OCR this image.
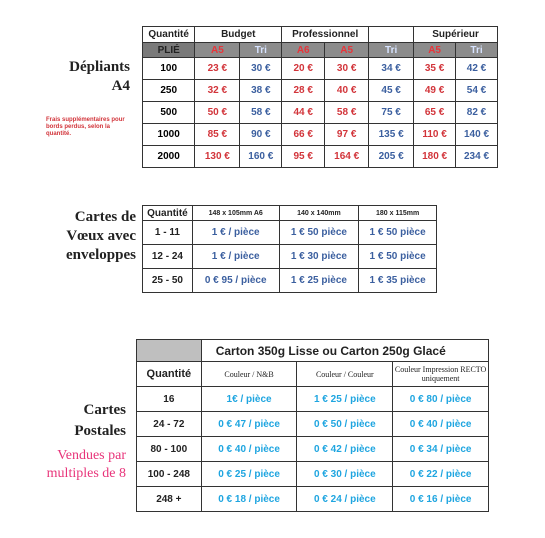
Dépliants
A4
Frais supplémentaires pour bords perdus, selon la quantité.
Quantité	Budget		Professionnel			Supérieur	
PLIÉ	A5	Tri	A6	A5	Tri	A5	Tri
100	23 €	30 €	20 €	30 €	34 €	35 €	42 €
250	32 €	38 €	28 €	40 €	45 €	49 €	54 €
500	50 €	58 €	44 €	58 €	75 €	65 €	82 €
1000	85 €	90 €	66 €	97 €	135 €	110 €	140 €
2000	130 €	160 €	95 €	164 €	205 €	180 €	234 €
Cartes de
Vœux avec
enveloppes
Quantité	148 x 105mm A6	140 x 140mm	180 x 115mm
1 - 11	1 € / pièce	1 € 50 pièce	1 € 50 pièce
12 - 24	1 € / pièce	1 € 30 pièce	1 € 50 pièce
25 - 50	0 € 95 / pièce	1 € 25 pièce	1 € 35 pièce
Cartes
Postales
Vendues par
multiples de 8
	Carton 350g Lisse ou Carton 250g Glacé		
Quantité	Couleur / N&B	Couleur / Couleur	Couleur Impression RECTO uniquement
16	1€ / pièce	1 € 25 / pièce	0 € 80 / pièce
24 - 72	0 € 47 / pièce	0 € 50 / pièce	0 € 40 / pièce
80 - 100	0 € 40 / pièce	0 € 42 / pièce	0 € 34 / pièce
100 - 248	0 € 25 / pièce	0 € 30 / pièce	0 € 22 / pièce
248 +	0 € 18 / pièce	0 € 24 / pièce	0 € 16 / pièce
